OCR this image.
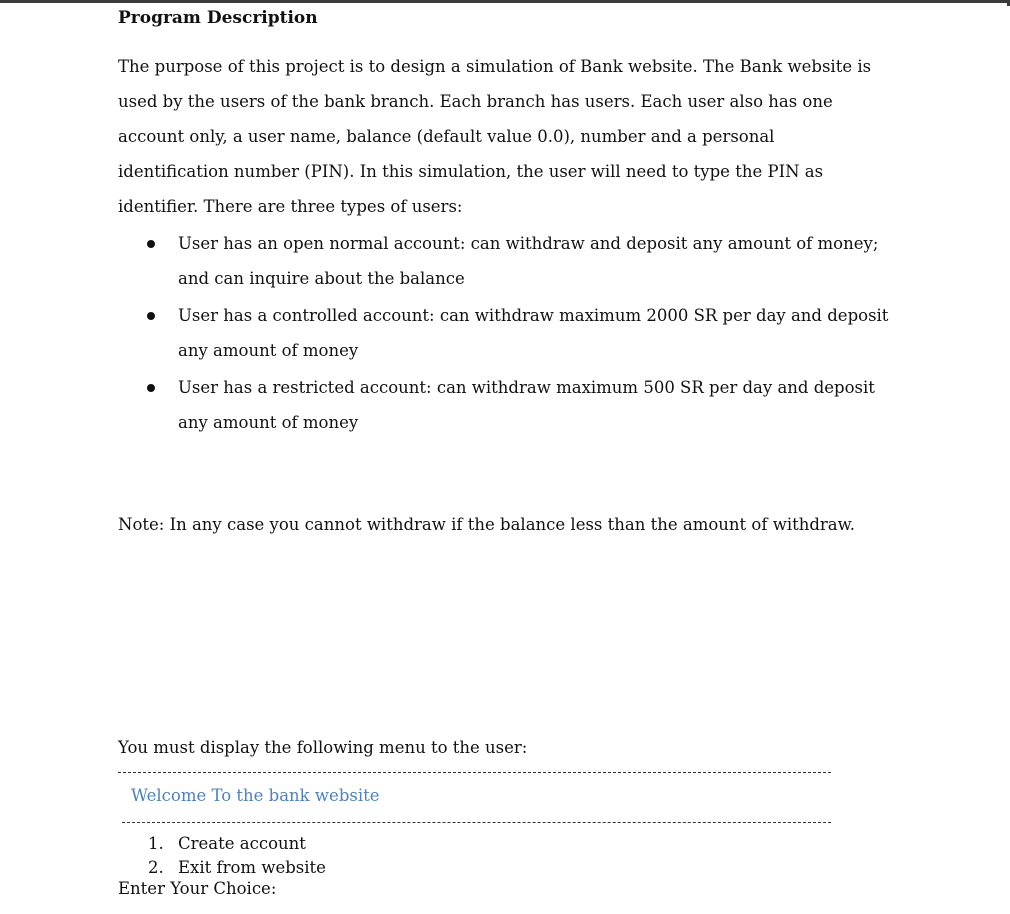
Program Description
The purpose of this project is to design a simulation of Bank website. The Bank website is
used by the users of the bank branch. Each branch has users. Each user also has one
account only, a user name, balance (default value 0.0), number and a personal
identification number (PIN). In this simulation, the user will need to type the PIN as
identifier. There are three types of users:
User has an open normal account: can withdraw and deposit any amount of money;
and can inquire about the balance
User has a controlled account: can withdraw maximum 2000 SR per day and deposit
any amount of money
User has a restricted account: can withdraw maximum 500 SR per day and deposit
any amount of money
Note: In any case you cannot withdraw if the balance less than the amount of withdraw.
You must display the following menu to the user:
Welcome To the bank website
1. Create account
2. Exit from website
Enter Your Choice:
